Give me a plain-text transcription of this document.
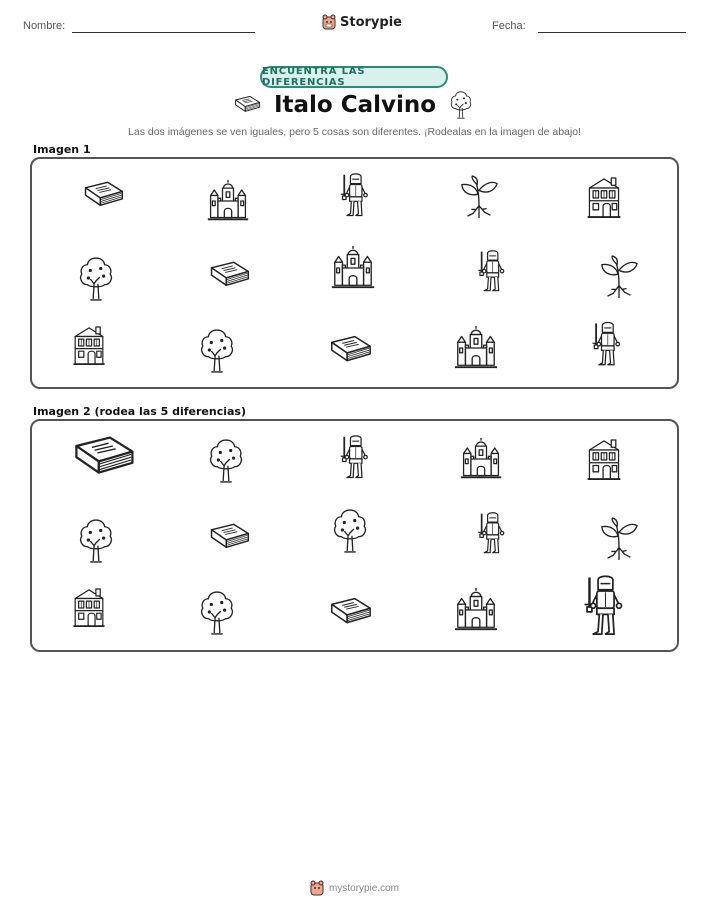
Nombre:	Storypie	Fecha:
ENCUENTRA LAS DIFERENCIAS
Italo Calvino
Las dos imágenes se ven iguales, pero 5 cosas son diferentes. ¡Rodealas en la imagen de abajo!
Imagen 1
Imagen 2 (rodea las 5 diferencias)
mystorypie.com
